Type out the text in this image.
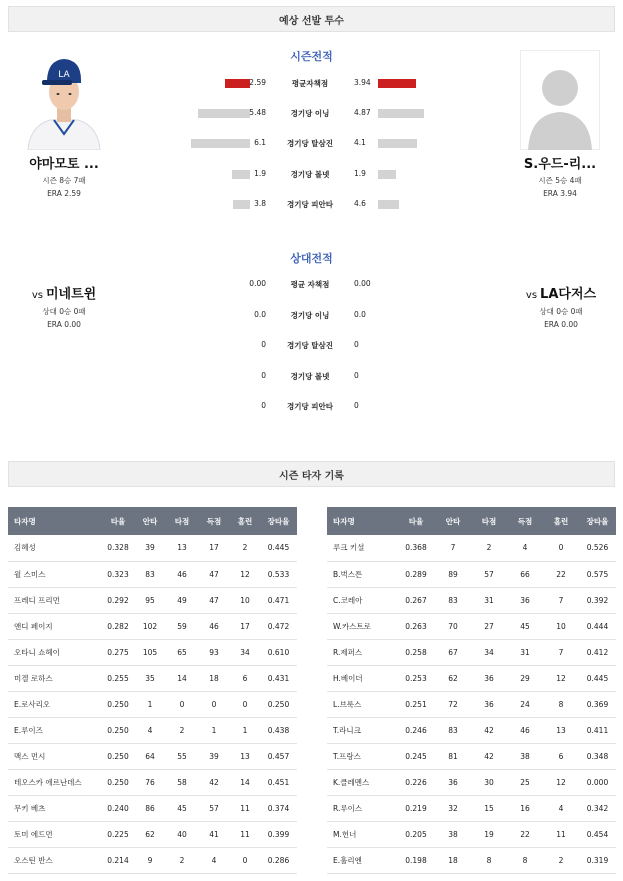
예상 선발 투수
시즌전적
LA
야마모토 ...
시즌 8승 7패
ERA 2.59
S.우드-리...
시즌 5승 4패
ERA 3.94
2.59	평균자책점	3.94
5.48	경기당 이닝	4.87
6.1	경기당 탈삼진	4.1
1.9	경기당 볼넷	1.9
3.8	경기당 피안타	4.6
상대전적
vs 미네트윈
상대 0승 0패
ERA 0.00
vs LA다저스
상대 0승 0패
ERA 0.00
0.00	평균 자책점	0.00
0.0	경기당 이닝	0.0
0	경기당 탈삼진	0
0	경기당 볼넷	0
0	경기당 피안타	0
시즌 타자 기록
타자명	타율	안타	타점	득점	홈런	장타율
김혜성	0.328	39	13	17	2	0.445
윌 스미스	0.323	83	46	47	12	0.533
프레디 프리먼	0.292	95	49	47	10	0.471
앤디 페이지	0.282	102	59	46	17	0.472
오타니 쇼헤이	0.275	105	65	93	34	0.610
미겔 로하스	0.255	35	14	18	6	0.431
E.로사리오	0.250	1	0	0	0	0.250
E.루이즈	0.250	4	2	1	1	0.438
맥스 먼시	0.250	64	55	39	13	0.457
테오스카 에르난데스	0.250	76	58	42	14	0.451
무키 베츠	0.240	86	45	57	11	0.374
토미 에드먼	0.225	62	40	41	11	0.399
오스틴 반스	0.214	9	2	4	0	0.286
타자명	타율	안타	타점	득점	홈런	장타율
루크 키셜	0.368	7	2	4	0	0.526
B.벅스튼	0.289	89	57	66	22	0.575
C.코레아	0.267	83	31	36	7	0.392
W.카스트로	0.263	70	27	45	10	0.444
R.제퍼스	0.258	67	34	31	7	0.412
H.베이더	0.253	62	36	29	12	0.445
L.브룩스	0.251	72	36	24	8	0.369
T.라니크	0.246	83	42	46	13	0.411
T.프랑스	0.245	81	42	38	6	0.348
K.클레멘스	0.226	36	30	25	12	0.000
R.루이스	0.219	32	15	16	4	0.342
M.헌너	0.205	38	19	22	11	0.454
E.훌리엔	0.198	18	8	8	2	0.319
